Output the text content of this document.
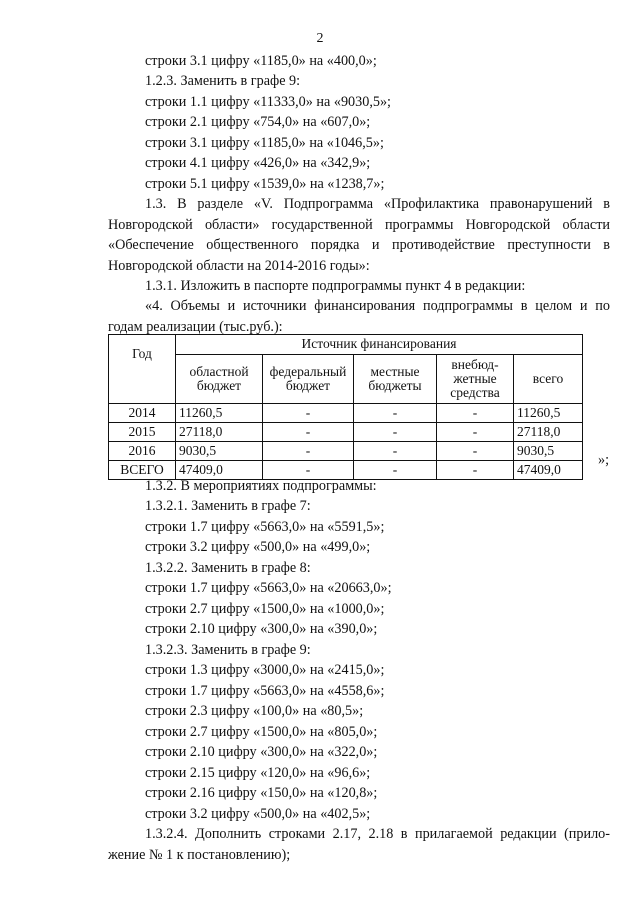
2
строки 3.1 цифру «1185,0» на «400,0»;
1.2.3. Заменить в графе 9:
строки 1.1 цифру «11333,0» на «9030,5»;
строки 2.1 цифру «754,0» на «607,0»;
строки 3.1 цифру «1185,0» на «1046,5»;
строки 4.1 цифру «426,0» на «342,9»;
строки 5.1 цифру «1539,0» на «1238,7»;
1.3. В разделе «V. Подпрограмма «Профилактика правонарушений в
Новгородской области» государственной программы Новгородской области
«Обеспечение общественного порядка и противодействие преступности в
Новгородской области на 2014-2016 годы»:
1.3.1. Изложить в паспорте подпрограммы пункт 4 в редакции:
«4. Объемы и источники финансирования подпрограммы в целом и по
годам реализации (тыс.руб.):
Год	Источник финансирования				
	областной бюджет	федеральный бюджет	местные бюджеты	внебюд-жетные средства	всего
2014	11260,5	-	-	-	11260,5
2015	27118,0	-	-	-	27118,0
2016	9030,5	-	-	-	9030,5
ВСЕГО	47409,0	-	-	-	47409,0
»;
1.3.2. В мероприятиях подпрограммы:
1.3.2.1. Заменить в графе 7:
строки 1.7 цифру «5663,0» на «5591,5»;
строки 3.2 цифру «500,0» на «499,0»;
1.3.2.2. Заменить в графе 8:
строки 1.7 цифру «5663,0» на «20663,0»;
строки 2.7 цифру «1500,0» на «1000,0»;
строки 2.10 цифру «300,0» на «390,0»;
1.3.2.3. Заменить в графе 9:
строки 1.3 цифру «3000,0» на «2415,0»;
строки 1.7 цифру «5663,0» на «4558,6»;
строки 2.3 цифру «100,0» на «80,5»;
строки 2.7 цифру «1500,0» на «805,0»;
строки 2.10 цифру «300,0» на «322,0»;
строки 2.15 цифру «120,0» на «96,6»;
строки 2.16 цифру «150,0» на «120,8»;
строки 3.2 цифру «500,0» на «402,5»;
1.3.2.4. Дополнить строками 2.17, 2.18 в прилагаемой редакции (прило-
жение № 1 к постановлению);
